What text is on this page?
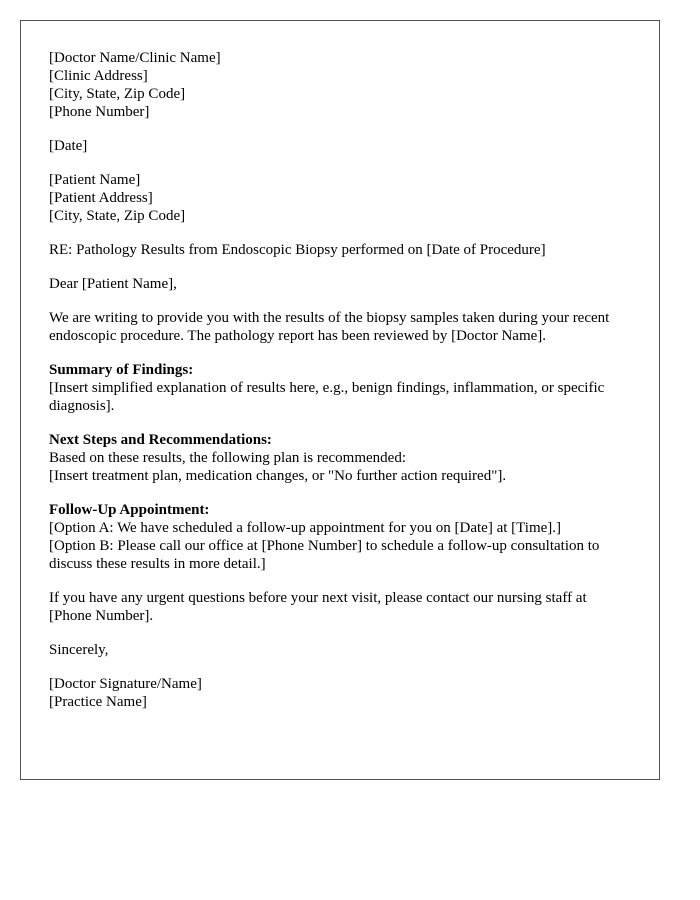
[Doctor Name/Clinic Name]
[Clinic Address]
[City, State, Zip Code]
[Phone Number]
[Date]
[Patient Name]
[Patient Address]
[City, State, Zip Code]

RE: Pathology Results from Endoscopic Biopsy performed on [Date of Procedure]

Dear [Patient Name],

We are writing to provide you with the results of the biopsy samples taken during your recent endoscopic procedure. The pathology report has been reviewed by [Doctor Name].

Summary of Findings:
[Insert simplified explanation of results here, e.g., benign findings, inflammation, or specific diagnosis].
Next Steps and Recommendations:
Based on these results, the following plan is recommended:
[Insert treatment plan, medication changes, or "No further action required"].
Follow-Up Appointment:
[Option A: We have scheduled a follow-up appointment for you on [Date] at [Time].]
[Option B: Please call our office at [Phone Number] to schedule a follow-up consultation to discuss these results in more detail.]

If you have any urgent questions before your next visit, please contact our nursing staff at [Phone Number].

Sincerely,

[Doctor Signature/Name]
[Practice Name]
